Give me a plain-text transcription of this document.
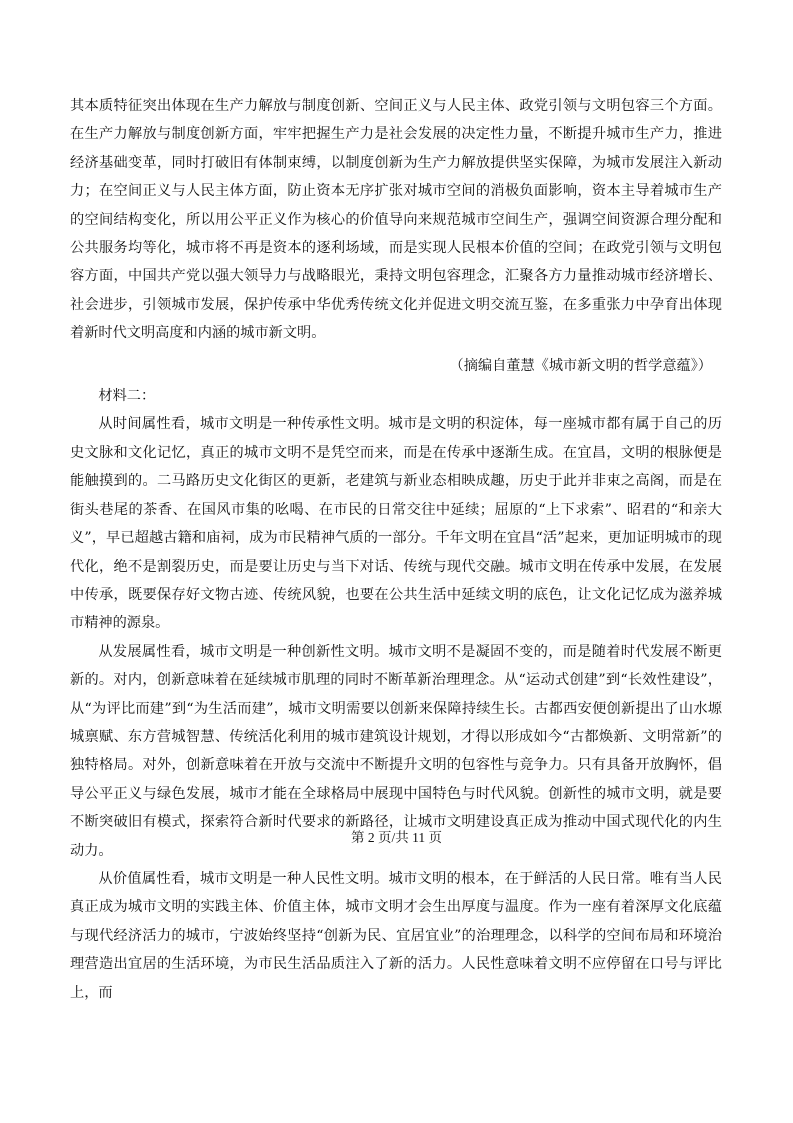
其本质特征突出体现在生产力解放与制度创新、空间正义与人民主体、政党引领与文明包容三个方面。在生产力解放与制度创新方面，牢牢把握生产力是社会发展的决定性力量，不断提升城市生产力，推进经济基础变革，同时打破旧有体制束缚，以制度创新为生产力解放提供坚实保障，为城市发展注入新动力；在空间正义与人民主体方面，防止资本无序扩张对城市空间的消极负面影响，资本主导着城市生产的空间结构变化，所以用公平正义作为核心的价值导向来规范城市空间生产，强调空间资源合理分配和公共服务均等化，城市将不再是资本的逐利场域，而是实现人民根本价值的空间；在政党引领与文明包容方面，中国共产党以强大领导力与战略眼光，秉持文明包容理念，汇聚各方力量推动城市经济增长、社会进步，引领城市发展，保护传承中华优秀传统文化并促进文明交流互鉴，在多重张力中孕育出体现着新时代文明高度和内涵的城市新文明。

（摘编自董慧《城市新文明的哲学意蕴》）

材料二：

从时间属性看，城市文明是一种传承性文明。城市是文明的积淀体，每一座城市都有属于自己的历史文脉和文化记忆，真正的城市文明不是凭空而来，而是在传承中逐渐生成。在宜昌，文明的根脉便是能触摸到的。二马路历史文化街区的更新，老建筑与新业态相映成趣，历史于此并非束之高阁，而是在街头巷尾的茶香、在国风市集的吆喝、在市民的日常交往中延续；屈原的“上下求索”、昭君的“和亲大义”，早已超越古籍和庙祠，成为市民精神气质的一部分。千年文明在宜昌“活”起来，更加证明城市的现代化，绝不是割裂历史，而是要让历史与当下对话、传统与现代交融。城市文明在传承中发展，在发展中传承，既要保存好文物古迹、传统风貌，也要在公共生活中延续文明的底色，让文化记忆成为滋养城市精神的源泉。

从发展属性看，城市文明是一种创新性文明。城市文明不是凝固不变的，而是随着时代发展不断更新的。对内，创新意味着在延续城市肌理的同时不断革新治理理念。从“运动式创建”到“长效性建设”，从“为评比而建”到“为生活而建”，城市文明需要以创新来保障持续生长。古都西安便创新提出了山水塬城禀赋、东方营城智慧、传统活化利用的城市建筑设计规划，才得以形成如今“古都焕新、文明常新”的独特格局。对外，创新意味着在开放与交流中不断提升文明的包容性与竞争力。只有具备开放胸怀，倡导公平正义与绿色发展，城市才能在全球格局中展现中国特色与时代风貌。创新性的城市文明，就是要不断突破旧有模式，探索符合新时代要求的新路径，让城市文明建设真正成为推动中国式现代化的内生动力。

从价值属性看，城市文明是一种人民性文明。城市文明的根本，在于鲜活的人民日常。唯有当人民真正成为城市文明的实践主体、价值主体，城市文明才会生出厚度与温度。作为一座有着深厚文化底蕴与现代经济活力的城市，宁波始终坚持“创新为民、宜居宜业”的治理理念，以科学的空间布局和环境治理营造出宜居的生活环境，为市民生活品质注入了新的活力。人民性意味着文明不应停留在口号与评比上，而

第 2 页/共 11 页
